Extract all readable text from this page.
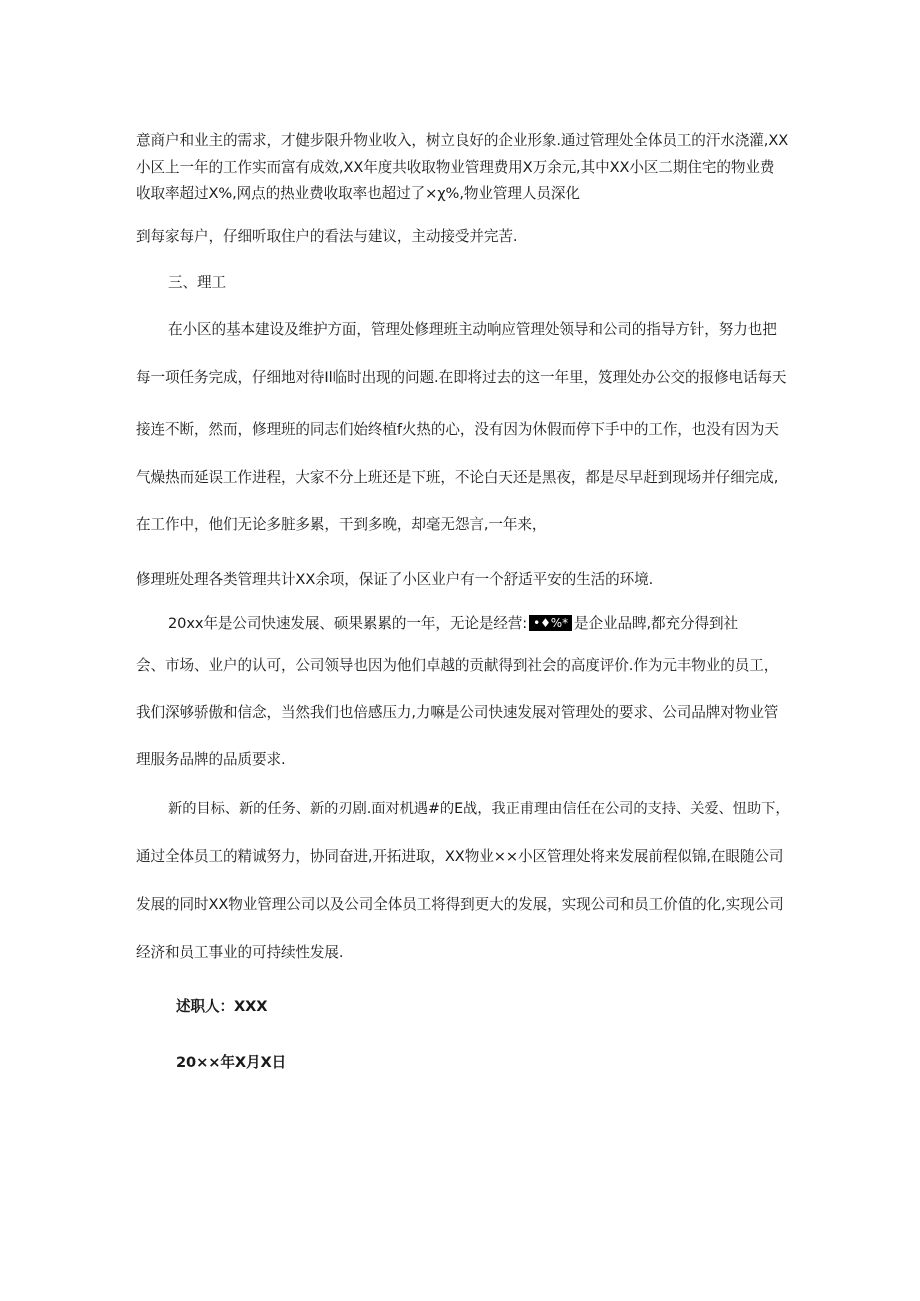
意商户和业主的需求，才健步限升物业收入，树立良好的企业形象.通过管理处全体员工的汗水浇灌,XX
小区上一年的工作实而富有成效,XX年度共收取物业管理费用X万余元,其中XX小区二期住宅的物业费
收取率超过X%,网点的热业费收取率也超过了×χ%,物业管理人员深化
到每家每户，仔细听取住户的看法与建议，主动接受并完苦.
三、理工
在小区的基本建设及维护方面，管理处修理班主动响应管理处领导和公司的指导方针，努力也把
每一项任务完成，仔细地对待Il临时出现的问题.在即将过去的这一年里，笈理处办公交的报修电话每天
接连不断，然而，修理班的同志们始终植f火热的心，没有因为休假而停下手中的工作，也没有因为天
气燥热而延误工作进程，大家不分上班还是下班，不论白天还是黑夜，都是尽早赶到现场并仔细完成,
在工作中，他们无论多脏多累，干到多晚，却毫无怨言,一年来，
修理班处理各类管理共计XX余项，保证了小区业户有一个舒适平安的生活的环境.
20xx年是公司快速发展、硕果累累的一年，无论是经营: •♦%* 是企业品睥,都充分得到社
会、市场、业户的认可，公司领导也因为他们卓越的贡献得到社会的高度评价.作为元丰物业的员工，
我们深够骄傲和信念，当然我们也倍感压力,力嘛是公司快速发展对管理处的要求、公司品牌对物业管
理服务品牌的品质要求.
新的目标、新的任务、新的刃剧.面对机遇#的E战，我正甫理由信任在公司的支持、关爱、忸助下，
通过全体员工的精诚努力，协同奋进,开拓进取，XX物业××小区管理处将来发展前程似锦,在眼随公司
发展的同时XX物业管理公司以及公司全体员工将得到更大的发展，实现公司和员工价值的化,实现公司
经济和员工事业的可持续性发展.
述职人：XXX
20××年X月X日
